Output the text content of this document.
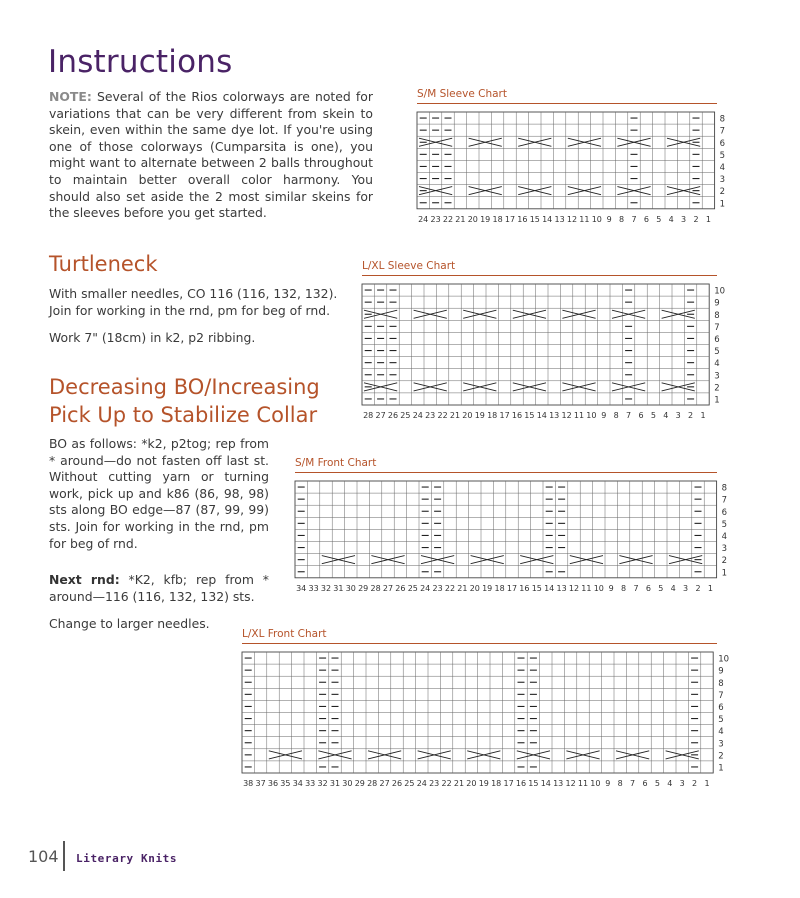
Instructions
NOTE: Several of the Rios colorways are noted for variations that can be very different from skein to skein, even within the same dye lot. If you're using one of those colorways (Cumparsita is one), you might want to alternate between 2 balls throughout to maintain better overall color harmony. You should also set aside the 2 most similar skeins for the sleeves before you get started.
Turtleneck

With smaller needles, CO 116 (116, 132, 132). Join for working in the rnd, pm for beg of rnd.

Work 7" (18cm) in k2, p2 ribbing.

Decreasing BO/Increasing
Pick Up to Stabilize Collar

BO as follows: *k2, p2tog; rep from * around—do not fasten off last st. Without cutting yarn or turning work, pick up and k86 (86, 98, 98) sts along BO edge—87 (87, 99, 99) sts. Join for working in the rnd, pm for beg of rnd.

Next rnd: *K2, kfb; rep from * around—116 (116, 132, 132) sts.

Change to larger needles.

S/M Sleeve Chart
L/XL Sleeve Chart
S/M Front Chart
L/XL Front Chart
1
2
3
4
5
6
7
8
1
2
3
4
5
6
7
8
9
10
11
12
13
14
15
16
17
18
19
20
21
22
23
24
1
2
3
4
5
6
7
8
9
10
1
2
3
4
5
6
7
8
9
10
11
12
13
14
15
16
17
18
19
20
21
22
23
24
25
26
27
28
1
2
3
4
5
6
7
8
1
2
3
4
5
6
7
8
9
10
11
12
13
14
15
16
17
18
19
20
21
22
23
24
25
26
27
28
29
30
31
32
33
34
1
2
3
4
5
6
7
8
9
10
1
2
3
4
5
6
7
8
9
10
11
12
13
14
15
16
17
18
19
20
21
22
23
24
25
26
27
28
29
30
31
32
33
34
35
36
37
38
104 Literary Knits
